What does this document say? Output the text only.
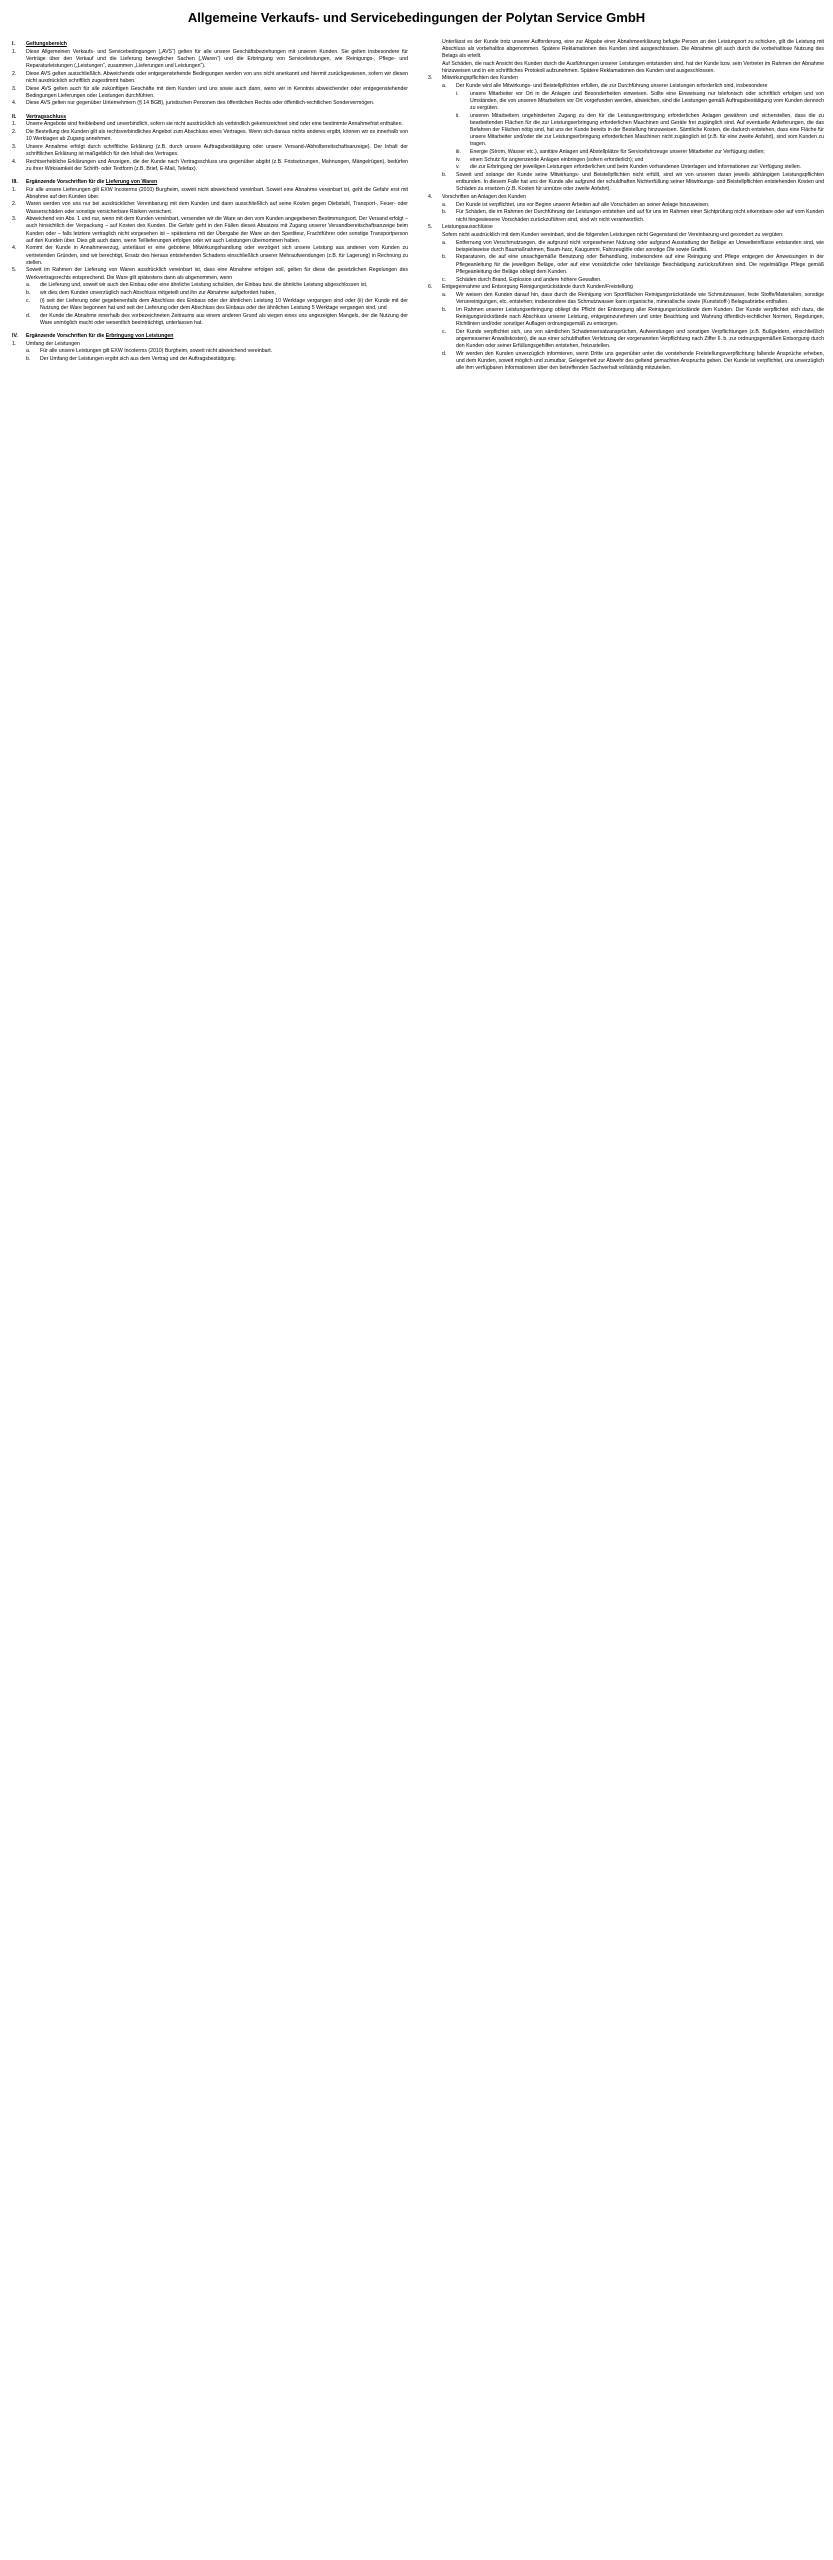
Allgemeine Verkaufs- und Servicebedingungen der Polytan Service GmbH
I.	Geltungsbereich
1.	Diese Allgemeinen Verkaufs- und Servicebedingungen („AVS“) gelten für alle unsere Geschäftsbeziehungen mit unseren Kunden. Sie gelten insbesondere für Verträge über den Verkauf und die Lieferung beweglicher Sachen („Waren“) und die Erbringung von Serviceleistungen, wie Reinigungs-, Pflege- und Reparaturleistungen („Leistungen“, zusammen „Lieferungen und Leistungen“).
2.	Diese AVS gelten ausschließlich. Abweichende oder entgegenstehende Bedingungen werden von uns nicht anerkannt und hiermit zurückgewiesen, sofern wir diesen nicht ausdrücklich schriftlich zugestimmt haben.
3.	Diese AVS gelten auch für alle zukünftigen Geschäfte mit dem Kunden und uns sowie auch dann, wenn wir in Kenntnis abweichender oder entgegenstehender Bedingungen Lieferungen oder Leistungen durchführen.
4.	Diese AVS gelten nur gegenüber Unternehmern (§ 14 BGB), juristischen Personen des öffentlichen Rechts oder öffentlich-rechtlichen Sondervermögen.
II.	Vertragsschluss
1.	Unsere Angebote sind freibleibend und unverbindlich, sofern sie nicht ausdrücklich als verbindlich gekennzeichnet sind oder eine bestimmte Annahmefrist enthalten.
2.	Die Bestellung des Kunden gilt als rechtsverbindliches Angebot zum Abschluss eines Vertrages. Wenn sich daraus nichts anderes ergibt, können wir es innerhalb von 10 Werktagen ab Zugang annehmen.
3.	Unsere Annahme erfolgt durch schriftliche Erklärung (z.B. durch unsere Auftragsbestätigung oder unsere Versand-/Abholbereitschaftsanzeige). Der Inhalt der schriftlichen Erklärung ist maßgeblich für den Inhalt des Vertrages.
4.	Rechtserhebliche Erklärungen und Anzeigen, die der Kunde nach Vertragsschluss uns gegenüber abgibt (z.B. Fristsetzungen, Mahnungen, Mängelrügen), bedürfen zu ihrer Wirksamkeit der Schrift- oder Textform (z.B. Brief, E-Mail, Telefax).
III.	Ergänzende Vorschriften für die Lieferung von Waren
1.	Für alle unsere Lieferungen gilt EXW Incoterms (2010) Burgheim, soweit nicht abweichend vereinbart. Soweit eine Abnahme vereinbart ist, geht die Gefahr erst mit Abnahme auf den Kunden über.
2.	Waren werden von uns nur bei ausdrücklicher Vereinbarung mit dem Kunden und dann ausschließlich auf seine Kosten gegen Diebstahl, Transport-, Feuer- oder Wasserschäden oder sonstige versicherbare Risiken versichert.
3.	Abweichend von Abs. 1 und nur, wenn mit dem Kunden vereinbart, versenden wir die Ware an den vom Kunden angegebenen Bestimmungsort. Der Versand erfolgt – auch hinsichtlich der Verpackung – auf Kosten des Kunden. Die Gefahr geht in den Fällen dieses Absatzes mit Zugang unserer Versandbereitschaftsanzeige beim Kunden oder – falls letztere vertraglich nicht vorgesehen ist – spätestens mit der Übergabe der Ware an den Spediteur, Frachtführer oder sonstige Transportperson auf den Kunden über. Dies gilt auch dann, wenn Teillieferungen erfolgen oder wir auch Leistungen übernommen haben.
4.	Kommt der Kunde in Annahmeverzug, unterlässt er eine gebotene Mitwirkungshandlung oder verzögert sich unsere Leistung aus anderen vom Kunden zu vertretenden Gründen, sind wir berechtigt, Ersatz des hieraus entstehenden Schadens einschließlich unserer Mehraufwendungen (z.B. für Lagerung) in Rechnung zu stellen.
5.	Soweit im Rahmen der Lieferung von Waren ausdrücklich vereinbart ist, dass eine Abnahme erfolgen soll, gelten für diese die gesetzlichen Regelungen des Werkvertragsrechts entsprechend. Die Ware gilt spätestens dann als abgenommen, wenn
a.	die Lieferung und, soweit wir auch den Einbau oder eine ähnliche Leistung schulden, der Einbau bzw. die ähnliche Leistung abgeschlossen ist,
b.	wir dies dem Kunden unverzüglich nach Abschluss mitgeteilt und ihn zur Abnahme aufgefordert haben,
c.	(i) seit der Lieferung oder gegebenenfalls dem Abschluss des Einbaus oder der ähnlichen Leistung 10 Werktage vergangen sind oder (ii) der Kunde mit der Nutzung der Ware begonnen hat und seit der Lieferung oder dem Abschluss des Einbaus oder der ähnlichen Leistung 5 Werktage vergangen sind, und
d.	der Kunde die Abnahme innerhalb des vorbezeichneten Zeitraums aus einem anderen Grund als wegen eines uns angezeigten Mangels, der die Nutzung der Ware unmöglich macht oder wesentlich beeinträchtigt, unterlassen hat.
IV.	Ergänzende Vorschriften für die Erbringung von Leistungen
1.	Umfang der Leistungen
a.	Für alle unsere Leistungen gilt EXW Incoterms (2010) Burgheim, soweit nicht abweichend vereinbart.
b.	Der Umfang der Leistungen ergibt sich aus dem Vertrag und der Auftragsbestätigung.
Unterlässt es der Kunde trotz unserer Aufforderung, eine zur Abgabe einer Abnahmeerklärung befugte Person an den Leistungsort zu schicken, gilt die Leistung mit Abschluss als vorbehaltlos abgenommen. Spätere Reklamationen des Kunden sind ausgeschlossen. Die Abnahme gilt auch durch die vorbehaltlose Nutzung des Belags als erteilt.
Auf Schäden, die nach Ansicht des Kunden durch die Ausführungen unserer Leistungen entstanden sind, hat der Kunde bzw. sein Vertreter im Rahmen der Abnahme hinzuweisen und in ein schriftliches Protokoll aufzunehmen. Spätere Reklamationen des Kunden sind ausgeschlossen.
3.	Mitwirkungspflichten des Kunden
a.	Der Kunde wird alle Mitwirkungs- und Beistellpflichten erfüllen, die zur Durchführung unserer Leistungen erforderlich sind, insbesondere
i.	unsere Mitarbeiter vor Ort in die Anlagen und Besonderheiten einweisen. Sollte eine Einweisung nur telefonisch oder schriftlich erfolgen und von Umständen, die von unseren Mitarbeitern vor Ort vorgefunden werden, abweichen, sind die Leistungen gemäß Auftragsbestätigung vom Kunden dennoch zu vergüten.
ii.	unseren Mitarbeitern ungehinderten Zugang zu den für die Leistungserbringung erforderlichen Anlagen gewähren und sicherstellen, dass die zu bearbeitenden Flächen für die zur Leistungserbringung erforderlichen Maschinen und Geräte frei zugänglich sind. Auf eventuelle Anlieferungen, die das Befahren der Flächen nötig sind, hat uns der Kunde bereits in der Bestellung hinzuweisen. Sämtliche Kosten, die dadurch entstehen, dass eine Fläche für unsere Mitarbeiter und/oder die zur Leistungserbringung erforderlichen Maschinen nicht zugänglich ist (z.B. für eine zweite Anfahrt), sind vom Kunden zu tragen.
iii.	Energie (Strom, Wasser etc.), sanitäre Anlagen und Abstellplätze für Servicefahrzeuge unserer Mitarbeiter zur Verfügung stellen;
iv.	einen Schutz für angrenzende Anlagen einbringen (sofern erforderlich); und
v.	die zur Erbringung der jeweiligen Leistungen erforderlichen und beim Kunden vorhandenen Unterlagen und Informationen zur Verfügung stellen.
b.	Soweit und solange der Kunde seine Mitwirkungs- und Beistellpflichten nicht erfüllt, sind wir von unseren daran jeweils abhängigen Leistungspflichten entbunden. In diesem Falle hat uns der Kunde alle aufgrund der schuldhaften Nichterfüllung seiner Mitwirkungs- und Beistellpflichten entstehenden Kosten und Schäden zu ersetzen (z.B. Kosten für unnütze oder zweite Anfahrt).
4.	Vorschriften an Anlagen des Kunden
a.	Der Kunde ist verpflichtet, uns vor Beginn unserer Arbeiten auf alle Vorschäden an seiner Anlage hinzuweisen.
b.	Für Schäden, die im Rahmen der Durchführung der Leistungen entstehen und auf für uns im Rahmen einer Sichtprüfung nicht erkennbare oder auf vom Kunden nicht hingewiesene Vorschäden zurückzuführen sind, sind wir nicht verantwortlich.
5.	Leistungsausschlüsse
Sofern nicht ausdrücklich mit dem Kunden vereinbart, sind die folgenden Leistungen nicht Gegenstand der Vereinbarung und gesondert zu vergüten:
a.	Entfernung von Verschmutzungen, die aufgrund nicht vorgesehener Nutzung oder aufgrund Ausstattung der Beläge an Umwelteinflüsse entstanden sind, wie beispielsweise durch Baumaßnahmen, Baum-harz, Kaugummi, Fahrzeuglöle oder sonstige Öle sowie Graffiti.
b.	Reparaturen, die auf eine unsachgemäße Benutzung oder Behandlung, insbesondere auf eine Reinigung und Pflege entgegen der Anweisungen in der Pflegeanleitung für die jeweiligen Beläge, oder auf eine vorsätzliche oder fahrlässige Beschädigung zurückzuführen sind. Die regelmäßige Pflege gemäß Pflegeanleitung der Beläge obliegt dem Kunden.
c.	Schäden durch Brand, Explosion und andere höhere Gewalten.
6.	Entgegennahme und Entsorgung Reinigungsrückstände durch Kunden/Freistellung
a.	Wir weisen den Kunden darauf hin, dass durch die Reinigung von Sportflächen Reinigungsrückstände wie Schmutzwasser, feste Stoffe/Materialien, sonstige Verunreinigungen, etc. entstehen; insbesondere das Schmutzwasser kann organische, mineralische sowie (Kunststoff-) Belagsabriebe enthalten.
b.	Im Rahmen unserer Leistungserbringung obliegt die Pflicht der Entsorgung aller Reinigungsrückstände dem Kunden. Der Kunde verpflichtet sich dazu, die Reinigungsrückstände nach Abschluss unserer Leistung, entgegenzunehmen und unter Beachtung und Wahrung öffentlich-rechtlicher Normen, Regelungen, Richtlinien und/oder sonstiger Auflagen ordnungsgemäß zu entsorgen.
c.	Der Kunde verpflichtet sich, uns von sämtlichen Schadensersatzansprüchen, Aufwendungen und sonstigen Verpflichtungen (z.B. Bußgeldern, einschließlich angemessener Anwaltskosten), die aus einer schuldhaften Verletzung der vorgenannten Verpflichtung nach Ziffer 6. b. zur ordnungsgemäßen Entsorgung durch den Kunden oder seiner Erfüllungsgehilfen entstehen, freizustellen.
d.	Wir werden den Kunden unverzüglich informieren, wenn Dritte uns gegenüber unter die vorstehende Freistellungsverpflichtung fallende Ansprüche erheben, und dem Kunden, soweit möglich und zumutbar, Gelegenheit zur Abwehr des geltend gemachten Anspruchs geben. Der Kunde ist verpflichtet, uns unverzüglich alle ihm verfügbaren Informationen über den betreffenden Sachverhalt vollständig mitzuteilen.
